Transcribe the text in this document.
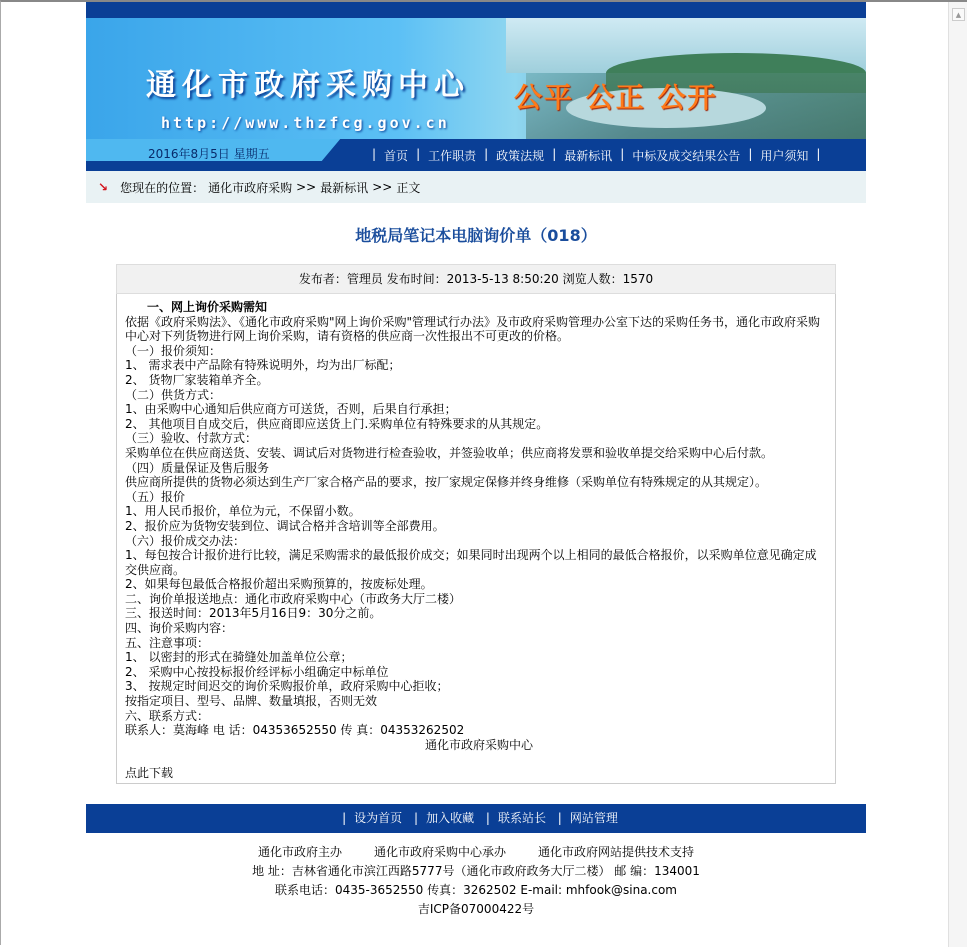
通化市政府采购中心
http://www.thzfcg.gov.cn
公平 公正 公开
2016年8月5日 星期五	| 首页 | 工作职责 | 政策法规 | 最新标讯 | 中标及成交结果公告 | 用户须知 |
↘ 您现在的位置： 通化市政府采购 >> 最新标讯 >> 正文
地税局笔记本电脑询价单（018）
发布者：管理员 发布时间：2013-5-13 8:50:20 浏览人数：1570

一、网上询价采购需知

依据《政府采购法》、《通化市政府采购"网上询价采购"管理试行办法》及市政府采购管理办公室下达的采购任务书，通化市政府采购中心对下列货物进行网上询价采购，请有资格的供应商一次性报出不可更改的价格。

（一）报价须知：

1、 需求表中产品除有特殊说明外，均为出厂标配；

2、 货物厂家装箱单齐全。

（二）供货方式：

1、由采购中心通知后供应商方可送货，否则，后果自行承担；

2、 其他项目自成交后，供应商即应送货上门.采购单位有特殊要求的从其规定。

（三）验收、付款方式：

采购单位在供应商送货、安装、调试后对货物进行检查验收，并签验收单；供应商将发票和验收单提交给采购中心后付款。

（四）质量保证及售后服务

供应商所提供的货物必须达到生产厂家合格产品的要求，按厂家规定保修并终身维修（采购单位有特殊规定的从其规定）。

（五）报价

1、用人民币报价，单位为元，不保留小数。

2、报价应为货物安装到位、调试合格并含培训等全部费用。

（六）报价成交办法：

1、每包按合计报价进行比较，满足采购需求的最低报价成交；如果同时出现两个以上相同的最低合格报价，以采购单位意见确定成交供应商。

2、如果每包最低合格报价超出采购预算的，按废标处理。

二、询价单报送地点：通化市政府采购中心（市政务大厅二楼）

三、报送时间：2013年5月16日9：30分之前。

四、询价采购内容：

五、注意事项：

1、 以密封的形式在骑缝处加盖单位公章；

2、 采购中心按投标报价经评标小组确定中标单位

3、 按规定时间迟交的询价采购报价单，政府采购中心拒收；

按指定项目、型号、品牌、数量填报，否则无效

六、联系方式：

联系人：莫海峰 电 话：04353652550 传 真：04353262502

通化市政府采购中心

点此下载

| 设为首页 | 加入收藏 | 联系站长 | 网站管理
通化市政府主办	通化市政府采购中心承办	通化市政府网站提供技术支持
地 址：吉林省通化市滨江西路5777号（通化市政府政务大厅二楼） 邮 编：134001
联系电话：0435-3652550 传真：3262502 E-mail: mhfook@sina.com
吉ICP备07000422号
▲
